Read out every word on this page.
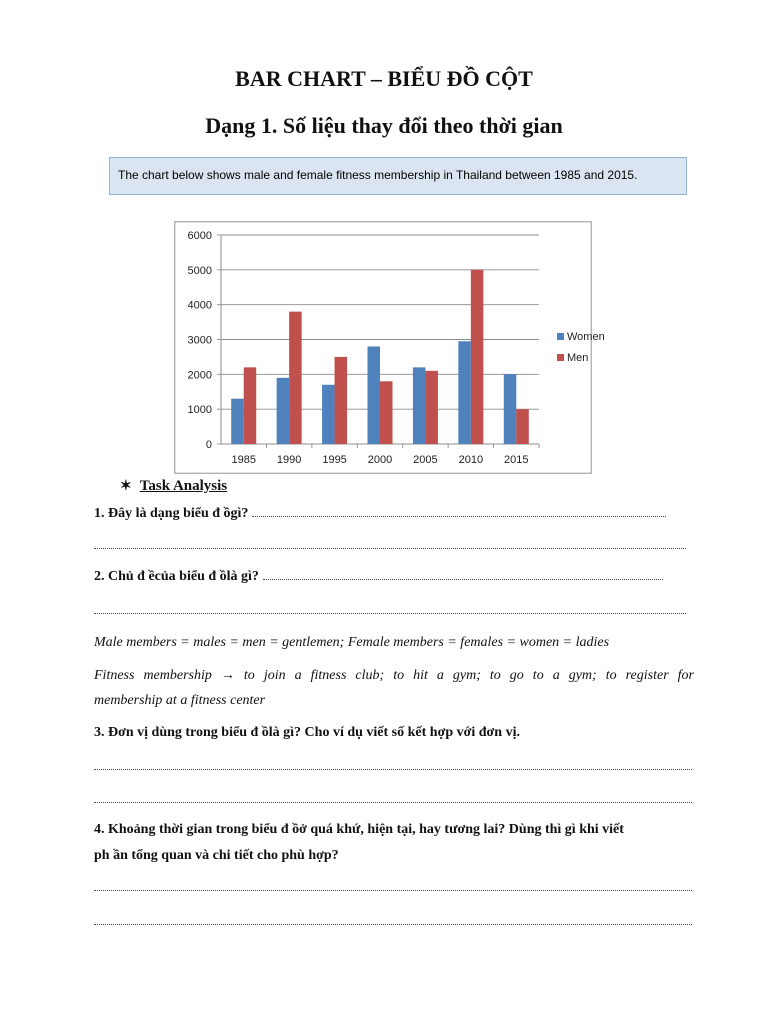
BAR CHART – BIỂU ĐỒ CỘT
Dạng 1. Số liệu thay đổi theo thời gian
The chart below shows male and female fitness membership in Thailand between 1985 and 2015.
0
1000
2000
3000
4000
5000
6000
1985 1990 1995 2000 2005 2010 2015
Women
Men
✶ Task Analysis
1. Đây là dạng biểu đ ồgì?
2. Chủ đ ềcủa biểu đ ồlà gì?
Male members = males = men = gentlemen; Female members = females = women = ladies
Fitness membership → to join a fitness club; to hit a gym; to go to a gym; to register for
membership at a fitness center
3. Đơn vị dùng trong biểu đ ồlà gì? Cho ví dụ viết số kết hợp với đơn vị.
4. Khoảng thời gian trong biểu đ ồở quá khứ, hiện tại, hay tương lai? Dùng thì gì khi viết
ph ần tổng quan và chi tiết cho phù hợp?
